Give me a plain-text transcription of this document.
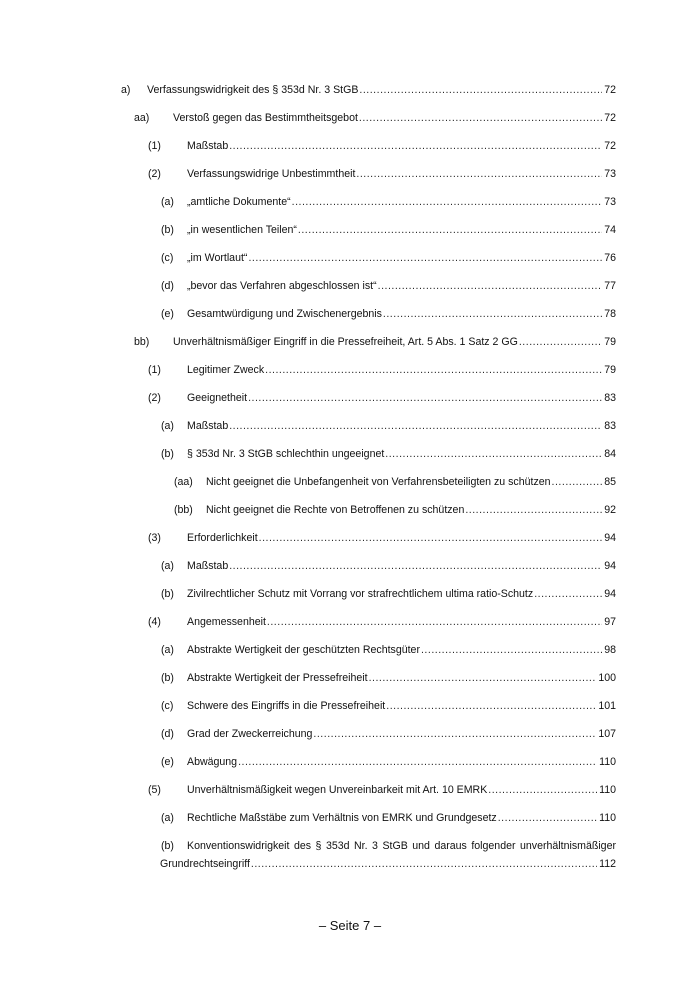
a) Verfassungswidrigkeit des § 353d Nr. 3 StGB .....	72
aa) Verstoß gegen das Bestimmtheitsgebot .....	72
(1) Maßstab .....	72
(2) Verfassungswidrige Unbestimmtheit .....	73
(a) „amtliche Dokumente“ .....	73
(b) „in wesentlichen Teilen“ .....	74
(c) „im Wortlaut“ .....	76
(d) „bevor das Verfahren abgeschlossen ist“ .....	77
(e) Gesamtwürdigung und Zwischenergebnis .....	78
bb) Unverhältnismäßiger Eingriff in die Pressefreiheit, Art. 5 Abs. 1 Satz 2 GG .....	79
(1) Legitimer Zweck .....	79
(2) Geeignetheit .....	83
(a) Maßstab .....	83
(b) § 353d Nr. 3 StGB schlechthin ungeeignet .....	84
(aa) Nicht geeignet die Unbefangenheit von Verfahrensbeteiligten zu schützen .....	85
(bb) Nicht geeignet die Rechte von Betroffenen zu schützen .....	92
(3) Erforderlichkeit .....	94
(a) Maßstab .....	94
(b) Zivilrechtlicher Schutz mit Vorrang vor strafrechtlichem ultima ratio-Schutz .....	94
(4) Angemessenheit .....	97
(a) Abstrakte Wertigkeit der geschützten Rechtsgüter .....	98
(b) Abstrakte Wertigkeit der Pressefreiheit .....	100
(c) Schwere des Eingriffs in die Pressefreiheit .....	101
(d) Grad der Zweckerreichung .....	107
(e) Abwägung .....	110
(5) Unverhältnismäßigkeit wegen Unvereinbarkeit mit Art. 10 EMRK .....	110
(a) Rechtliche Maßstäbe zum Verhältnis von EMRK und Grundgesetz .....	110
(b) Konventionswidrigkeit des § 353d Nr. 3 StGB und daraus folgender unverhältnismäßiger
Grundrechtseingriff .....	112
– Seite 7 –
